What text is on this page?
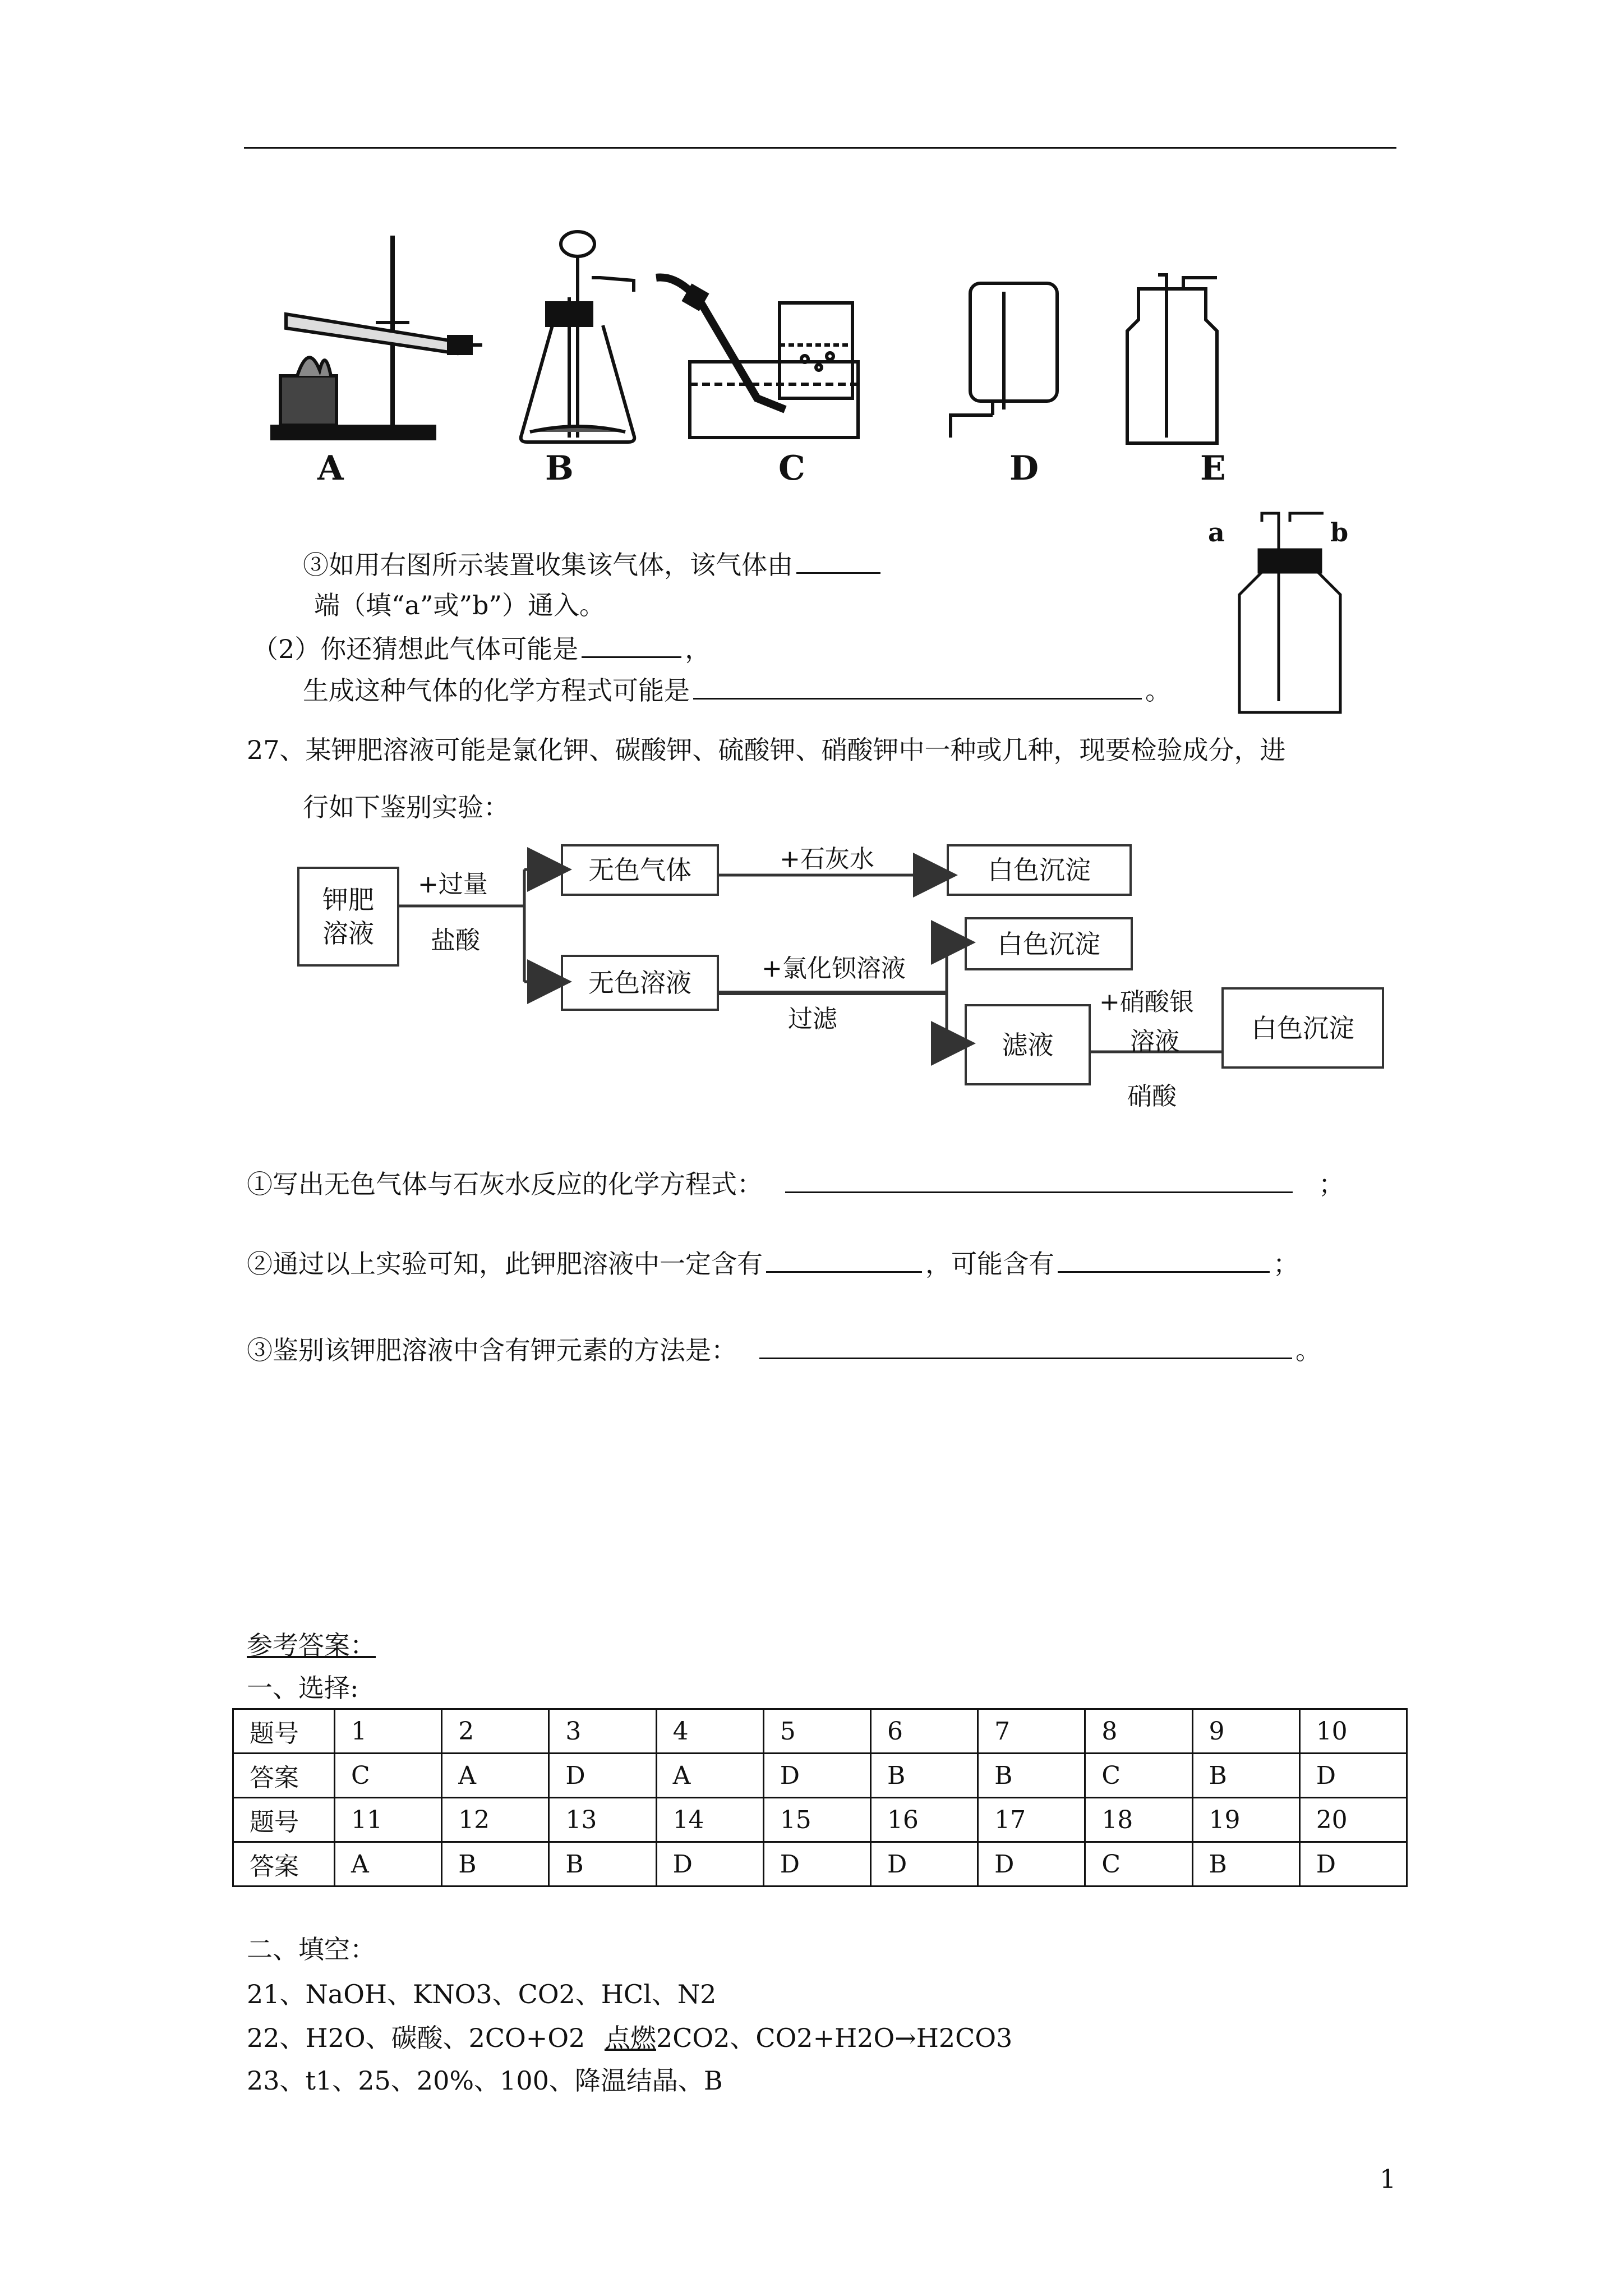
A	B	C	D	E
a	b
③如用右图所示装置收集该气体，该气体由
端（填“a”或”b”）通入。
（2）你还猜想此气体可能是	，
生成这种气体的化学方程式可能是	。
27、某钾肥溶液可能是氯化钾、碳酸钾、硫酸钾、硝酸钾中一种或几种，现要检验成分，进
行如下鉴别实验：
钾肥
溶液
+过量
盐酸
无色气体	+石灰水	白色沉淀
无色溶液	+氯化钡溶液
过滤
白色沉淀
滤液
+硝酸银
溶液
硝酸
白色沉淀
①写出无色气体与石灰水反应的化学方程式：	；
②通过以上实验可知，此钾肥溶液中一定含有	，可能含有	；
③鉴别该钾肥溶液中含有钾元素的方法是：	。
参考答案：
一、选择:
题号	1	2	3	4	5	6	7	8	9	10
答案	C	A	D	A	D	B	B	C	B	D
题号	11	12	13	14	15	16	17	18	19	20
答案	A	B	B	D	D	D	D	C	B	D
二、填空：
21、NaOH、KNO3、CO2、HCl、N2
22、H2O、碳酸、2CO+O2 点燃2CO2、CO2+H2O→H2CO3
23、t1、25、20%、100、降温结晶、B
1
